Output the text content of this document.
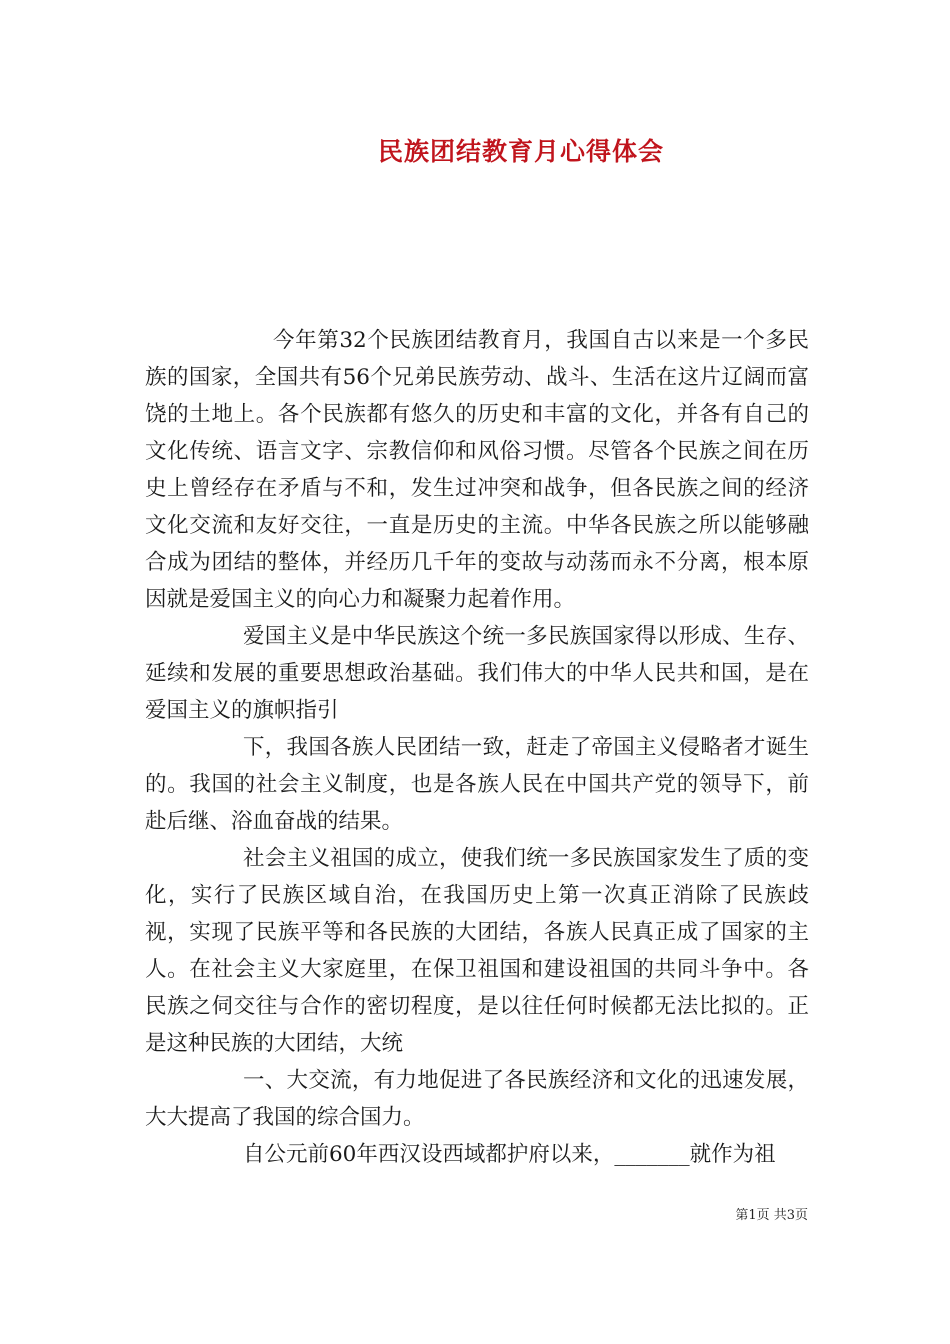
民族团结教育月心得体会

今年第32个民族团结教育月，我国自古以来是一个多民族的国家，全国共有56个兄弟民族劳动、战斗、生活在这片辽阔而富饶的土地上。各个民族都有悠久的历史和丰富的文化，并各有自己的文化传统、语言文字、宗教信仰和风俗习惯。尽管各个民族之间在历史上曾经存在矛盾与不和，发生过冲突和战争，但各民族之间的经济文化交流和友好交往，一直是历史的主流。中华各民族之所以能够融合成为团结的整体，并经历几千年的变故与动荡而永不分离，根本原因就是爱国主义的向心力和凝聚力起着作用。

爱国主义是中华民族这个统一多民族国家得以形成、生存、延续和发展的重要思想政治基础。我们伟大的中华人民共和国，是在爱国主义的旗帜指引

下，我国各族人民团结一致，赶走了帝国主义侵略者才诞生的。我国的社会主义制度，也是各族人民在中国共产党的领导下，前赴后继、浴血奋战的结果。

社会主义祖国的成立，使我们统一多民族国家发生了质的变化，实行了民族区域自治，在我国历史上第一次真正消除了民族歧视，实现了民族平等和各民族的大团结，各族人民真正成了国家的主人。在社会主义大家庭里，在保卫祖国和建设祖国的共同斗争中。各民族之伺交往与合作的密切程度，是以往任何时候都无法比拟的。正是这种民族的大团结，大统

一、大交流，有力地促进了各民族经济和文化的迅速发展，大大提高了我国的综合国力。

自公元前60年西汉设西域都护府以来，_______就作为祖

第1页 共3页
